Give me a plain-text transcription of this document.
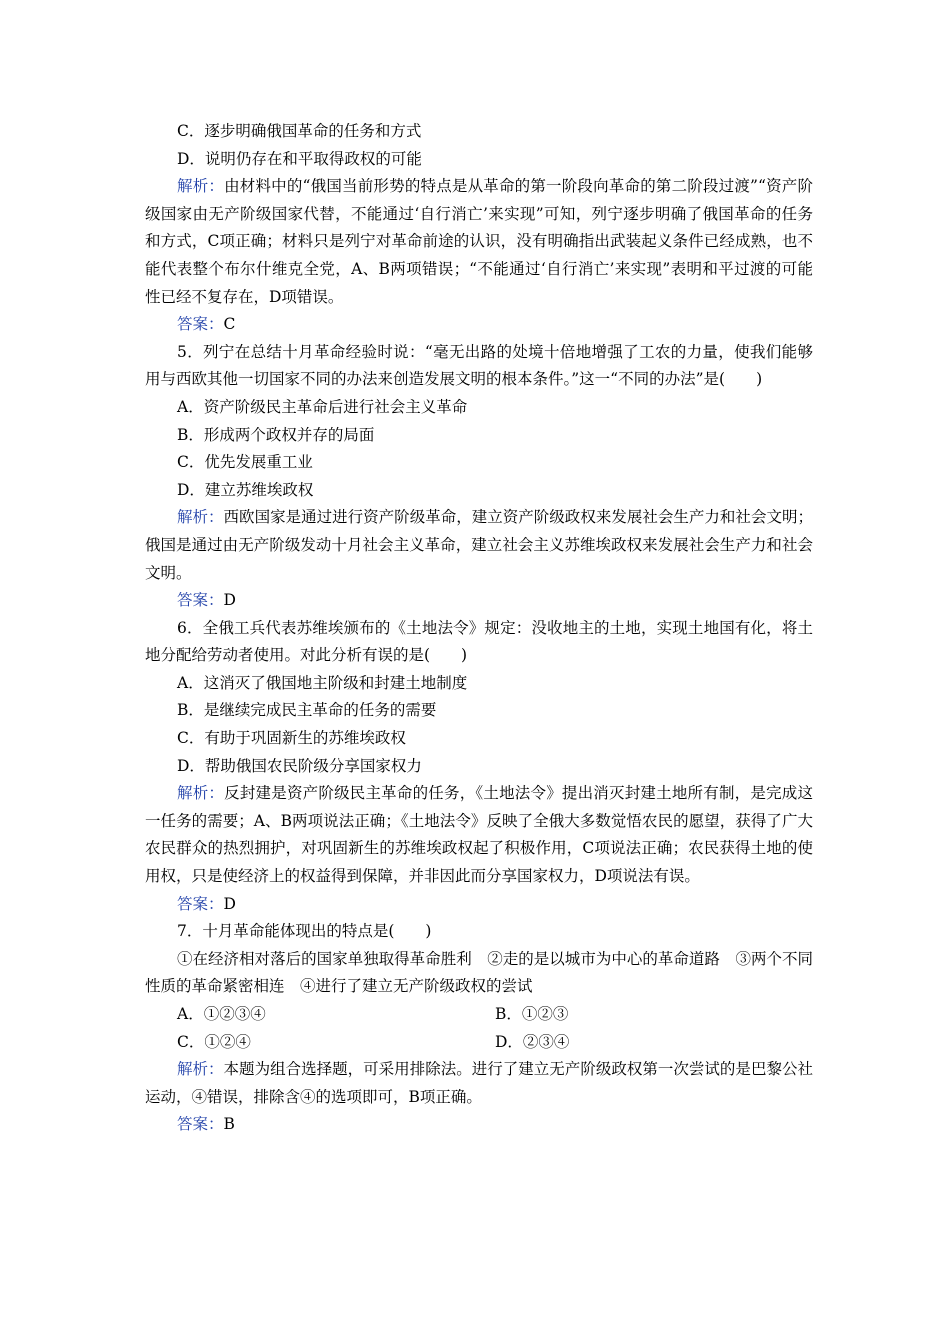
C．逐步明确俄国革命的任务和方式
D．说明仍存在和平取得政权的可能
解析：由材料中的“俄国当前形势的特点是从革命的第一阶段向革命的第二阶段过渡”“资产阶级国家由无产阶级国家代替，不能通过‘自行消亡’来实现”可知，列宁逐步明确了俄国革命的任务和方式，C项正确；材料只是列宁对革命前途的认识，没有明确指出武装起义条件已经成熟，也不能代表整个布尔什维克全党，A、B两项错误；“不能通过‘自行消亡’来实现”表明和平过渡的可能性已经不复存在，D项错误。
答案：C
5．列宁在总结十月革命经验时说：“毫无出路的处境十倍地增强了工农的力量，使我们能够用与西欧其他一切国家不同的办法来创造发展文明的根本条件。”这一“不同的办法”是(　　)
A．资产阶级民主革命后进行社会主义革命
B．形成两个政权并存的局面
C．优先发展重工业
D．建立苏维埃政权
解析：西欧国家是通过进行资产阶级革命，建立资产阶级政权来发展社会生产力和社会文明；俄国是通过由无产阶级发动十月社会主义革命，建立社会主义苏维埃政权来发展社会生产力和社会文明。
答案：D
6．全俄工兵代表苏维埃颁布的《土地法令》规定：没收地主的土地，实现土地国有化，将土地分配给劳动者使用。对此分析有误的是(　　)
A．这消灭了俄国地主阶级和封建土地制度
B．是继续完成民主革命的任务的需要
C．有助于巩固新生的苏维埃政权
D．帮助俄国农民阶级分享国家权力
解析：反封建是资产阶级民主革命的任务，《土地法令》提出消灭封建土地所有制，是完成这一任务的需要；A、B两项说法正确；《土地法令》反映了全俄大多数觉悟农民的愿望，获得了广大农民群众的热烈拥护，对巩固新生的苏维埃政权起了积极作用，C项说法正确；农民获得土地的使用权，只是使经济上的权益得到保障，并非因此而分享国家权力，D项说法有误。
答案：D
7．十月革命能体现出的特点是(　　)
①在经济相对落后的国家单独取得革命胜利　②走的是以城市为中心的革命道路　③两个不同性质的革命紧密相连　④进行了建立无产阶级政权的尝试
A．①②③④	B．①②③
C．①②④	D．②③④
解析：本题为组合选择题，可采用排除法。进行了建立无产阶级政权第一次尝试的是巴黎公社运动，④错误，排除含④的选项即可，B项正确。
答案：B
